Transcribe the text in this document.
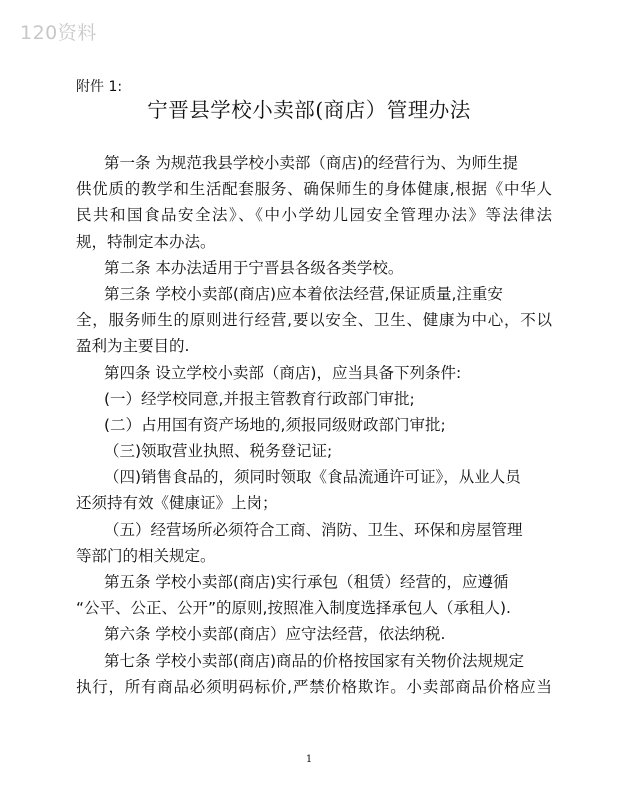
120资料
附件 1:
宁晋县学校小卖部(商店）管理办法
第一条 为规范我县学校小卖部（商店)的经营行为、为师生提
供优质的教学和生活配套服务、确保师生的身体健康,根据《中华人
民共和国食品安全法》、《中小学幼儿园安全管理办法》等法律法
规，特制定本办法。
第二条 本办法适用于宁晋县各级各类学校。
第三条 学校小卖部(商店)应本着依法经营,保证质量,注重安
全，服务师生的原则进行经营,要以安全、卫生、健康为中心，不以
盈利为主要目的.
第四条 设立学校小卖部（商店)，应当具备下列条件:
(一）经学校同意,并报主管教育行政部门审批;
(二）占用国有资产场地的,须报同级财政部门审批;
（三)领取营业执照、税务登记证;
（四)销售食品的，须同时领取《食品流通许可证》，从业人员
还须持有效《健康证》上岗；
（五）经营场所必须符合工商、消防、卫生、环保和房屋管理
等部门的相关规定。
第五条 学校小卖部(商店)实行承包（租赁）经营的，应遵循
“公平、公正、公开”的原则,按照准入制度选择承包人（承租人).
第六条 学校小卖部(商店）应守法经营，依法纳税.
第七条 学校小卖部(商店)商品的价格按国家有关物价法规规定
执行，所有商品必须明码标价,严禁价格欺诈。小卖部商品价格应当
1
